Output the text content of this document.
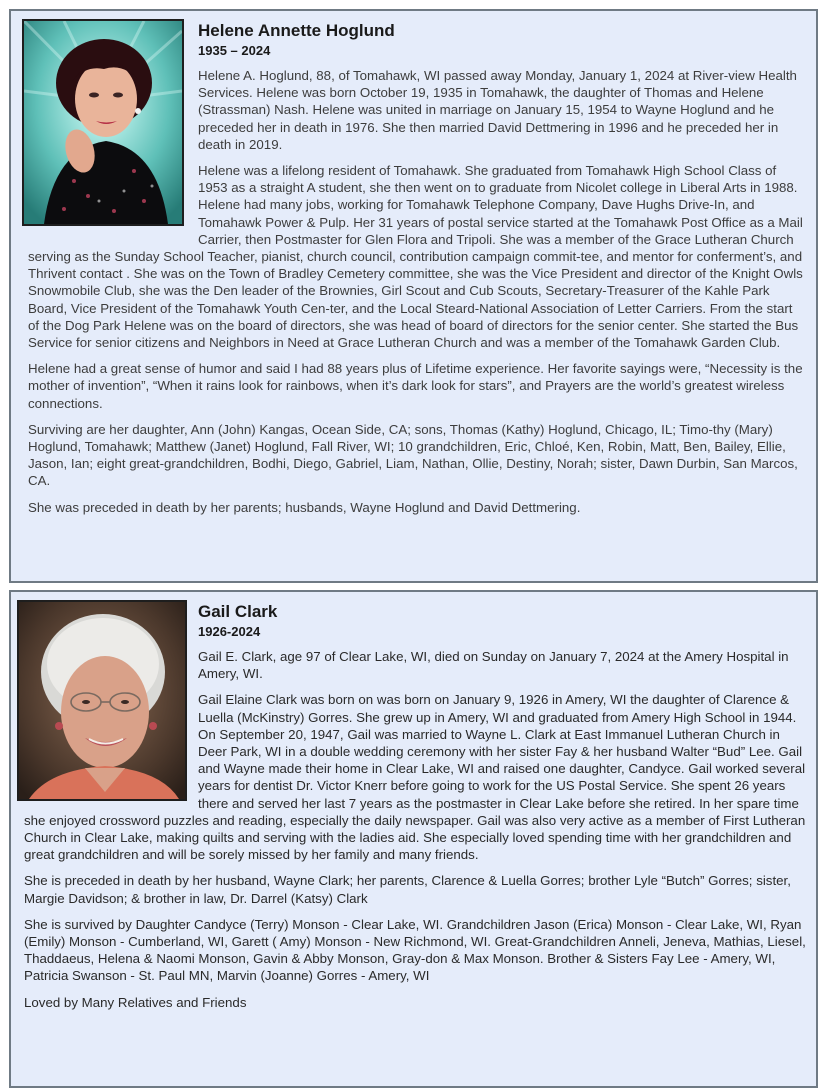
Helene Annette Hoglund
1935 – 2024

Helene A. Hoglund, 88, of Tomahawk, WI passed away Monday, January 1, 2024 at River-view Health Services. Helene was born October 19, 1935 in Tomahawk, the daughter of Thomas and Helene (Strassman) Nash. Helene was united in marriage on January 15, 1954 to Wayne Hoglund and he preceded her in death in 1976. She then married David Dettmering in 1996 and he preceded her in death in 2019.

Helene was a lifelong resident of Tomahawk. She graduated from Tomahawk High School Class of 1953 as a straight A student, she then went on to graduate from Nicolet college in Liberal Arts in 1988. Helene had many jobs, working for Tomahawk Telephone Company, Dave Hughs Drive-In, and Tomahawk Power & Pulp. Her 31 years of postal service started at the Tomahawk Post Office as a Mail Carrier, then Postmaster for Glen Flora and Tripoli. She was a member of the Grace Lutheran Church serving as the Sunday School Teacher, pianist, church council, contribution campaign commit-tee, and mentor for conferment’s, and Thrivent contact . She was on the Town of Bradley Cemetery committee, she was the Vice President and director of the Knight Owls Snowmobile Club, she was the Den leader of the Brownies, Girl Scout and Cub Scouts, Secretary-Treasurer of the Kahle Park Board, Vice President of the Tomahawk Youth Cen-ter, and the Local Steard-National Association of Letter Carriers. From the start of the Dog Park Helene was on the board of directors, she was head of board of directors for the senior center. She started the Bus Service for senior citizens and Neighbors in Need at Grace Lutheran Church and was a member of the Tomahawk Garden Club.

Helene had a great sense of humor and said I had 88 years plus of Lifetime experience. Her favorite sayings were, “Necessity is the mother of invention”, “When it rains look for rainbows, when it’s dark look for stars”, and Prayers are the world’s greatest wireless connections.

Surviving are her daughter, Ann (John) Kangas, Ocean Side, CA; sons, Thomas (Kathy) Hoglund, Chicago, IL; Timo-thy (Mary) Hoglund, Tomahawk; Matthew (Janet) Hoglund, Fall River, WI; 10 grandchildren, Eric, Chloé, Ken, Robin, Matt, Ben, Bailey, Ellie, Jason, Ian; eight great-grandchildren, Bodhi, Diego, Gabriel, Liam, Nathan, Ollie, Destiny, Norah; sister, Dawn Durbin, San Marcos, CA.

She was preceded in death by her parents; husbands, Wayne Hoglund and David Dettmering.

Gail Clark
1926-2024

Gail E. Clark, age 97 of Clear Lake, WI, died on Sunday on January 7, 2024 at the Amery Hospital in Amery, WI.

Gail Elaine Clark was born on was born on January 9, 1926 in Amery, WI the daughter of Clarence & Luella (McKinstry) Gorres. She grew up in Amery, WI and graduated from Amery High School in 1944. On September 20, 1947, Gail was married to Wayne L. Clark at East Immanuel Lutheran Church in Deer Park, WI in a double wedding ceremony with her sister Fay & her husband Walter “Bud” Lee. Gail and Wayne made their home in Clear Lake, WI and raised one daughter, Candyce. Gail worked several years for dentist Dr. Victor Knerr before going to work for the US Postal Service. She spent 26 years there and served her last 7 years as the postmaster in Clear Lake before she retired. In her spare time she enjoyed crossword puzzles and reading, especially the daily newspaper. Gail was also very active as a member of First Lutheran Church in Clear Lake, making quilts and serving with the ladies aid. She especially loved spending time with her grandchildren and great grandchildren and will be sorely missed by her family and many friends.

She is preceded in death by her husband, Wayne Clark; her parents, Clarence & Luella Gorres; brother Lyle “Butch” Gorres; sister, Margie Davidson; & brother in law, Dr. Darrel (Katsy) Clark

She is survived by Daughter Candyce (Terry) Monson - Clear Lake, WI. Grandchildren Jason (Erica) Monson - Clear Lake, WI, Ryan (Emily) Monson - Cumberland, WI, Garett ( Amy) Monson - New Richmond, WI. Great-Grandchildren Anneli, Jeneva, Mathias, Liesel, Thaddaeus, Helena & Naomi Monson, Gavin & Abby Monson, Gray-don & Max Monson. Brother & Sisters Fay Lee - Amery, WI, Patricia Swanson - St. Paul MN, Marvin (Joanne) Gorres - Amery, WI

Loved by Many Relatives and Friends
